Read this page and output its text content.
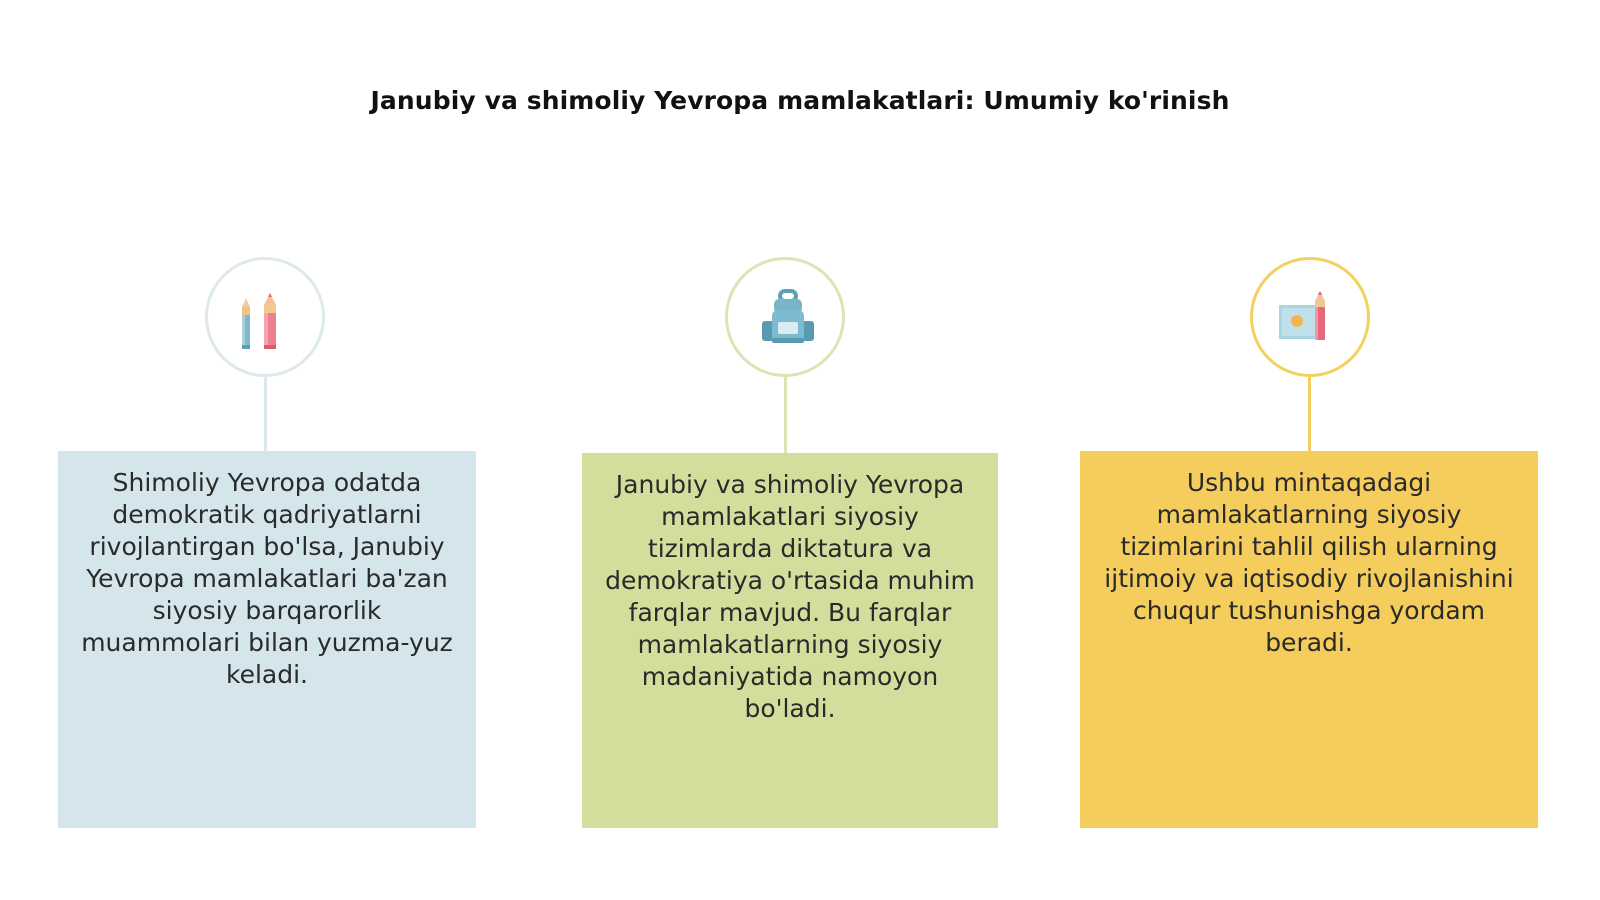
Janubiy va shimoliy Yevropa mamlakatlari: Umumiy ko'rinish
Shimoliy Yevropa odatda demokratik qadriyatlarni rivojlantirgan bo'lsa, Janubiy Yevropa mamlakatlari ba'zan siyosiy barqarorlik muammolari bilan yuzma-yuz keladi.
Janubiy va shimoliy Yevropa mamlakatlari siyosiy tizimlarda diktatura va demokratiya o'rtasida muhim farqlar mavjud. Bu farqlar mamlakatlarning siyosiy madaniyatida namoyon bo'ladi.
Ushbu mintaqadagi mamlakatlarning siyosiy tizimlarini tahlil qilish ularning ijtimoiy va iqtisodiy rivojlanishini chuqur tushunishga yordam beradi.
